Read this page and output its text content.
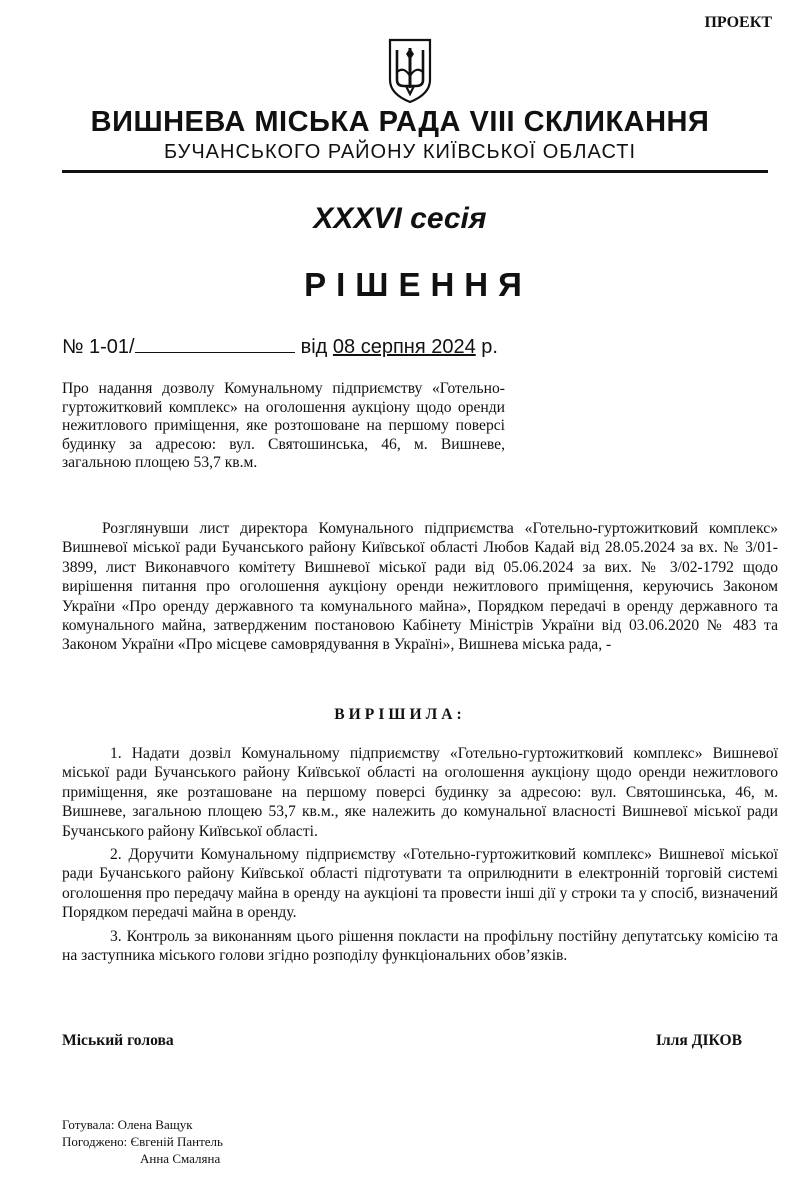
ПРОЕКТ
ВИШНЕВА МІСЬКА РАДА VIII СКЛИКАННЯ
БУЧАНСЬКОГО РАЙОНУ КИЇВСЬКОЇ ОБЛАСТІ
XXXVI сесія
РІШЕННЯ
№ 1-01/	від 08 серпня 2024 р.
Про надання дозволу Комунальному підприємству «Готельно-гуртожитковий комплекс» на оголошення аукціону щодо оренди нежитлового приміщення, яке розтошоване на першому поверсі будинку за адресою: вул. Святошинська, 46, м. Вишневе, загальною площею 53,7 кв.м.
Розглянувши лист директора Комунального підприємства «Готельно-гуртожитковий комплекс» Вишневої міської ради Бучанського району Київської області Любов Кадай від 28.05.2024 за вх. № 3/01-3899, лист Виконавчого комітету Вишневої міської ради від 05.06.2024 за вих. № 3/02-1792 щодо вирішення питання про оголошення аукціону оренди нежитлового приміщення, керуючись Законом України «Про оренду державного та комунального майна», Порядком передачі в оренду державного та комунального майна, затвердженим постановою Кабінету Міністрів України від 03.06.2020 № 483 та Законом України «Про місцеве самоврядування в Україні», Вишнева міська рада, -
ВИРІШИЛА:

1. Надати дозвіл Комунальному підприємству «Готельно-гуртожитковий комплекс» Вишневої міської ради Бучанського району Київської області на оголошення аукціону щодо оренди нежитлового приміщення, яке розташоване на першому поверсі будинку за адресою: вул. Святошинська, 46, м. Вишневе, загальною площею 53,7 кв.м., яке належить до комунальної власності Вишневої міської ради Бучанського району Київської області.

2. Доручити Комунальному підприємству «Готельно-гуртожитковий комплекс» Вишневої міської ради Бучанського району Київської області підготувати та оприлюднити в електронній торговій системі оголошення про передачу майна в оренду на аукціоні та провести інші дії у строки та у спосіб, визначений Порядком передачі майна в оренду.

3. Контроль за виконанням цього рішення покласти на профільну постійну депутатську комісію та на заступника міського голови згідно розподілу функціональних обов’язків.

Міський голова	Ілля ДІКОВ
Готувала: Олена Ващук
Погоджено: Євгеній Пантель
Анна Смаляна
